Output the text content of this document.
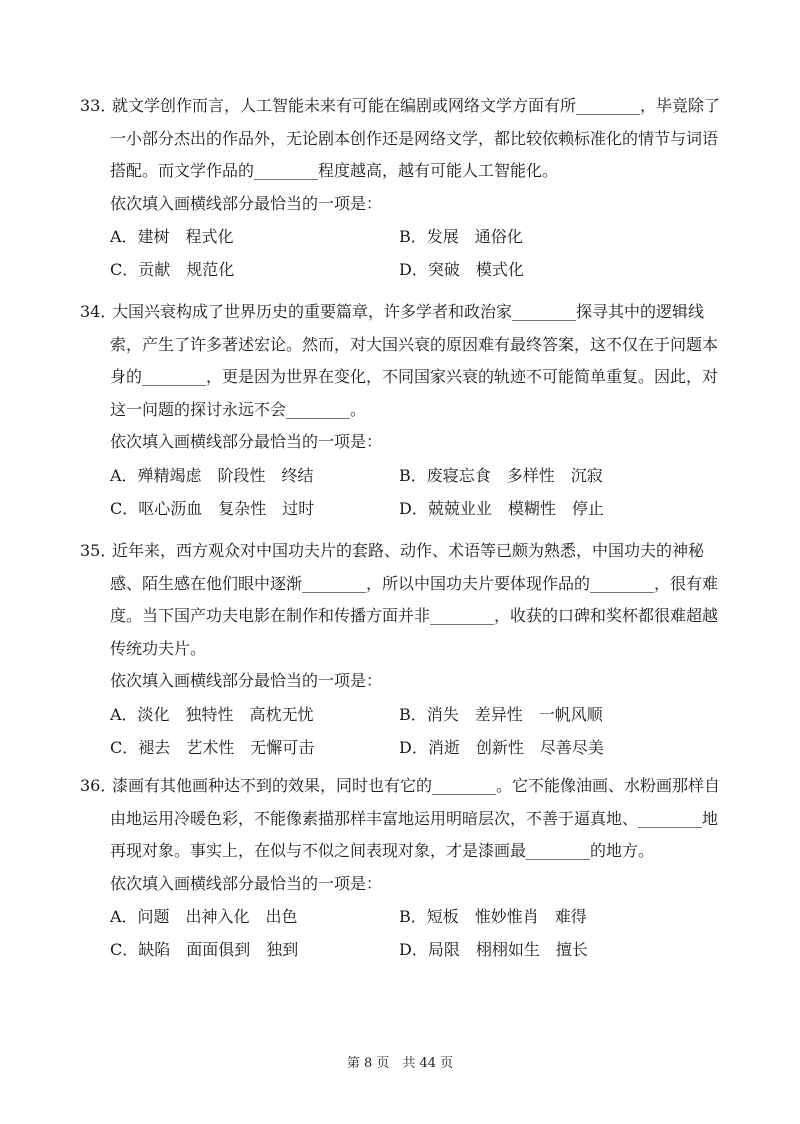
33．就文学创作而言，人工智能未来有可能在编剧或网络文学方面有所________，毕竟除了
一小部分杰出的作品外，无论剧本创作还是网络文学，都比较依赖标准化的情节与词语
搭配。而文学作品的________程度越高，越有可能人工智能化。
依次填入画横线部分最恰当的一项是：
A．建树　程式化	B．发展　通俗化
C．贡献　规范化	D．突破　模式化
34．大国兴衰构成了世界历史的重要篇章，许多学者和政治家________探寻其中的逻辑线
索，产生了许多著述宏论。然而，对大国兴衰的原因难有最终答案，这不仅在于问题本
身的________，更是因为世界在变化，不同国家兴衰的轨迹不可能简单重复。因此，对
这一问题的探讨永远不会________。
依次填入画横线部分最恰当的一项是：
A．殚精竭虑　阶段性　终结	B．废寝忘食　多样性　沉寂
C．呕心沥血　复杂性　过时	D．兢兢业业　模糊性　停止
35．近年来，西方观众对中国功夫片的套路、动作、术语等已颇为熟悉，中国功夫的神秘
感、陌生感在他们眼中逐渐________，所以中国功夫片要体现作品的________，很有难
度。当下国产功夫电影在制作和传播方面并非________，收获的口碑和奖杯都很难超越
传统功夫片。
依次填入画横线部分最恰当的一项是：
A．淡化　独特性　高枕无忧	B．消失　差异性　一帆风顺
C．褪去　艺术性　无懈可击	D．消逝　创新性　尽善尽美
36．漆画有其他画种达不到的效果，同时也有它的________。它不能像油画、水粉画那样自
由地运用冷暖色彩，不能像素描那样丰富地运用明暗层次，不善于逼真地、________地
再现对象。事实上，在似与不似之间表现对象，才是漆画最________的地方。
依次填入画横线部分最恰当的一项是：
A．问题　出神入化　出色	B．短板　惟妙惟肖　难得
C．缺陷　面面俱到　独到	D．局限　栩栩如生　擅长
第 8 页　共 44 页
